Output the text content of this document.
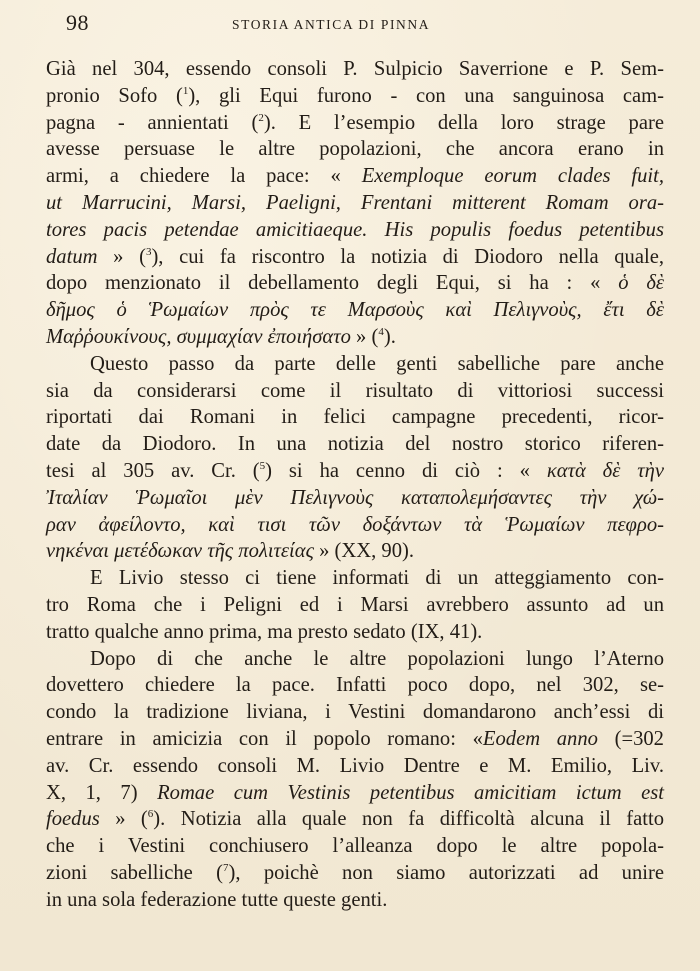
98	STORIA ANTICA DI PINNA
Già nel 304, essendo consoli P. Sulpicio Saverrione e P. Sem-
pronio Sofo ($^1$), gli Equi furono - con una sanguinosa cam-
pagna - annientati ($^2$). E l’esempio della loro strage pare
avesse persuase le altre popolazioni, che ancora erano in
armi, a chiedere la pace: « Exemploque eorum clades fuit,
ut Marrucini, Marsi, Paeligni, Frentani mitterent Romam ora-
tores pacis petendae amicitiaeque. His populis foedus petentibus
datum » ($^3$), cui fa riscontro la notizia di Diodoro nella quale,
dopo menzionato il debellamento degli Equi, si ha : « ὁ δὲ
δῆμος ὁ Ῥωμαίων πρὸς τε Μαρσοὺς καὶ Πελιγνοὺς, ἔτι δὲ
Μαῤῥουκίνους, συμμαχίαν ἐποιήσατο » ($^4$).
Questo passo da parte delle genti sabelliche pare anche
sia da considerarsi come il risultato di vittoriosi successi
riportati dai Romani in felici campagne precedenti, ricor-
date da Diodoro. In una notizia del nostro storico riferen-
tesi al 305 av. Cr. ($^5$) si ha cenno di ciò : « κατὰ δὲ τὴν
Ἰταλίαν Ῥωμαῖοι μὲν Πελιγνοὺς καταπολεμήσαντες τὴν χώ-
ραν ἀφείλοντο, καὶ τισι τῶν δοξάντων τὰ Ῥωμαίων πεφρο-
νηκέναι μετέδωκαν τῆς πολιτείας » (XX, 90).
E Livio stesso ci tiene informati di un atteggiamento con-
tro Roma che i Peligni ed i Marsi avrebbero assunto ad un
tratto qualche anno prima, ma presto sedato (IX, 41).
Dopo di che anche le altre popolazioni lungo l’Aterno
dovettero chiedere la pace. Infatti poco dopo, nel 302, se-
condo la tradizione liviana, i Vestini domandarono anch’essi di
entrare in amicizia con il popolo romano: «Eodem anno (=302
av. Cr. essendo consoli M. Livio Dentre e M. Emilio, Liv.
X, 1, 7) Romae cum Vestinis petentibus amicitiam ictum est
foedus » ($^6$). Notizia alla quale non fa difficoltà alcuna il fatto
che i Vestini conchiusero l’alleanza dopo le altre popola-
zioni sabelliche ($^7$), poichè non siamo autorizzati ad unire
in una sola federazione tutte queste genti.
